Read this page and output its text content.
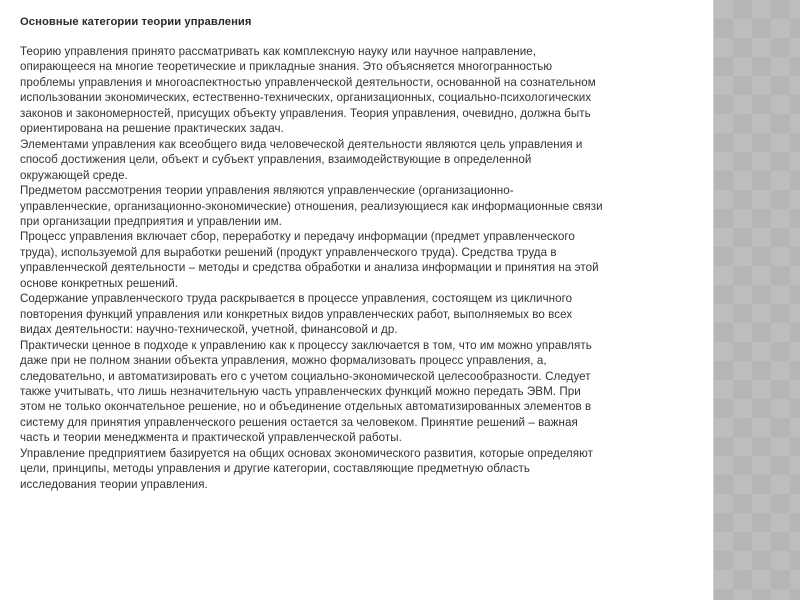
Основные категории теории управления

Теорию управления принято рассматривать как комплексную науку или научное направление,
опирающееся на многие теоретические и прикладные знания. Это объясняется многогранностью
проблемы управления и многоаспектностью управленческой деятельности, основанной на сознательном
использовании экономических, естественно-технических, организационных, социально-психологических
законов и закономерностей, присущих объекту управления. Теория управления, очевидно, должна быть
ориентирована на решение практических задач.

Элементами управления как всеобщего вида человеческой деятельности являются цель управления и
способ достижения цели, объект и субъект управления, взаимодействующие в определенной
окружающей среде.

Предметом рассмотрения теории управления являются управленческие (организационно-
управленческие, организационно-экономические) отношения, реализующиеся как информационные связи
при организации предприятия и управлении им.

Процесс управления включает сбор, переработку и передачу информации (предмет управленческого
труда), используемой для выработки решений (продукт управленческого труда). Средства труда в
управленческой деятельности – методы и средства обработки и анализа информации и принятия на этой
основе конкретных решений.

Содержание управленческого труда раскрывается в процессе управления, состоящем из цикличного
повторения функций управления или конкретных видов управленческих работ, выполняемых во всех
видах деятельности: научно-технической, учетной, финансовой и др.

Практически ценное в подходе к управлению как к процессу заключается в том, что им можно управлять
даже при не полном знании объекта управления, можно формализовать процесс управления, а,
следовательно, и автоматизировать его с учетом социально-экономической целесообразности. Следует
также учитывать, что лишь незначительную часть управленческих функций можно передать ЭВМ. При
этом не только окончательное решение, но и объединение отдельных автоматизированных элементов в
систему для принятия управленческого решения остается за человеком. Принятие решений – важная
часть и теории менеджмента и практической управленческой работы.

Управление предприятием базируется на общих основах экономического развития, которые определяют
цели, принципы, методы управления и другие категории, составляющие предметную область
исследования теории управления.
